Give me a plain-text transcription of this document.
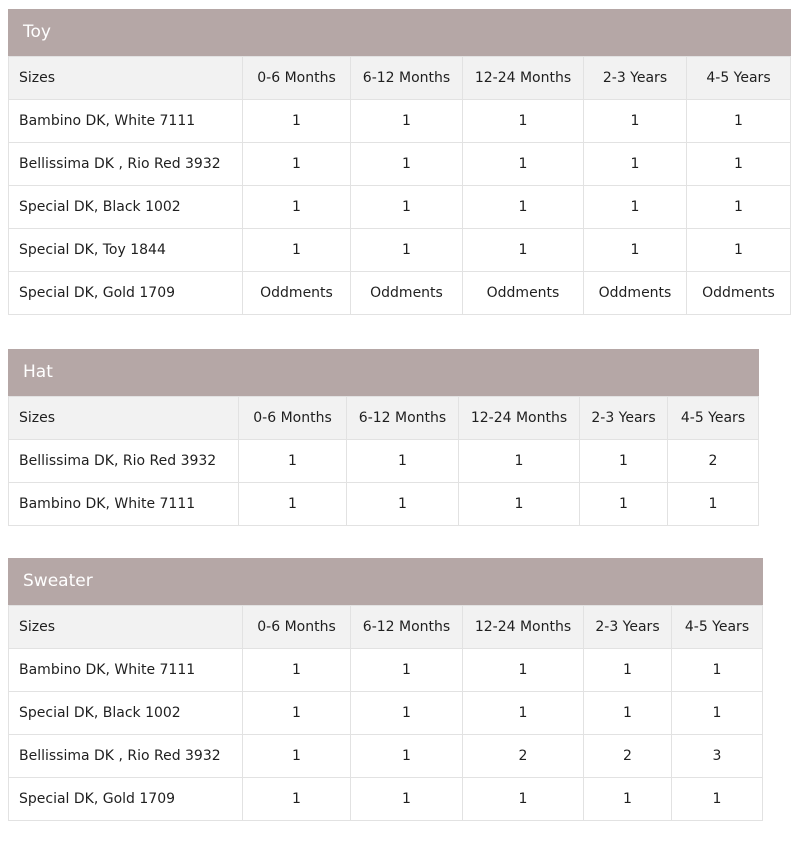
Toy
Sizes	0-6 Months	6-12 Months	12-24 Months	2-3 Years	4-5 Years
Bambino DK, White 7111	1	1	1	1	1
Bellissima DK , Rio Red 3932	1	1	1	1	1
Special DK, Black 1002	1	1	1	1	1
Special DK, Toy 1844	1	1	1	1	1
Special DK, Gold 1709	Oddments	Oddments	Oddments	Oddments	Oddments
Hat
Sizes	0-6 Months	6-12 Months	12-24 Months	2-3 Years	4-5 Years
Bellissima DK, Rio Red 3932	1	1	1	1	2
Bambino DK, White 7111	1	1	1	1	1
Sweater
Sizes	0-6 Months	6-12 Months	12-24 Months	2-3 Years	4-5 Years
Bambino DK, White 7111	1	1	1	1	1
Special DK, Black 1002	1	1	1	1	1
Bellissima DK , Rio Red 3932	1	1	2	2	3
Special DK, Gold 1709	1	1	1	1	1
